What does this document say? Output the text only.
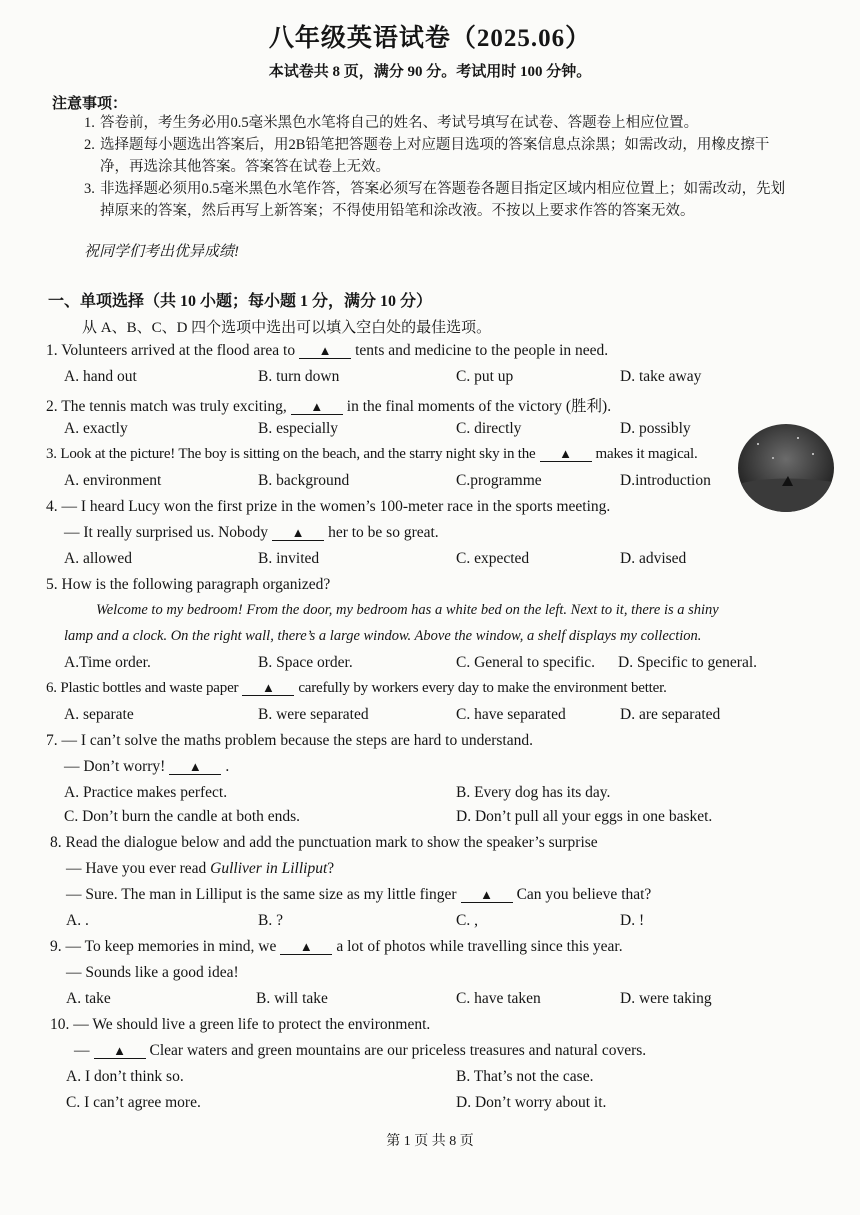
八年级英语试卷（2025.06）
本试卷共 8 页，满分 90 分。考试用时 100 分钟。
注意事项：
1. 答卷前，考生务必用0.5毫米黑色水笔将自己的姓名、考试号填写在试卷、答题卷上相应位置。
2. 选择题每小题选出答案后，用2B铅笔把答题卷上对应题目选项的答案信息点涂黑；如需改动，用橡皮擦干净，再选涂其他答案。答案答在试卷上无效。
3. 非选择题必须用0.5毫米黑色水笔作答，答案必须写在答题卷各题目指定区域内相应位置上；如需改动，先划掉原来的答案，然后再写上新答案；不得使用铅笔和涂改液。不按以上要求作答的答案无效。
祝同学们考出优异成绩!
一、单项选择（共 10 小题；每小题 1 分，满分 10 分）
从 A、B、C、D 四个选项中选出可以填入空白处的最佳选项。
1. Volunteers arrived at the flood area to ▲ tents and medicine to the people in need.
A. hand out	B. turn down	C. put up	D. take away
2. The tennis match was truly exciting, ▲ in the final moments of the victory (胜利).
A. exactly	B. especially	C. directly	D. possibly
3. Look at the picture! The boy is sitting on the beach, and the starry night sky in the ▲ makes it magical.
A. environment	B. background	C.programme	D.introduction
4. — I heard Lucy won the first prize in the women’s 100-meter race in the sports meeting.
— It really surprised us. Nobody ▲ her to be so great.
A. allowed	B. invited	C. expected	D. advised
5. How is the following paragraph organized?
Welcome to my bedroom! From the door, my bedroom has a white bed on the left. Next to it, there is a shiny
lamp and a clock. On the right wall, there’s a large window. Above the window, a shelf displays my collection.
A.Time order.	B. Space order.	C. General to specific. D. Specific to general.
6. Plastic bottles and waste paper ▲ carefully by workers every day to make the environment better.
A. separate	B. were separated	C. have separated	D. are separated
7. — I can’t solve the maths problem because the steps are hard to understand.
— Don’t worry! ▲ .
A. Practice makes perfect.	B. Every dog has its day.
C. Don’t burn the candle at both ends.	D. Don’t pull all your eggs in one basket.
8. Read the dialogue below and add the punctuation mark to show the speaker’s surprise
— Have you ever read Gulliver in Lilliput?
— Sure. The man in Lilliput is the same size as my little finger ▲ Can you believe that?
A. .	B. ?	C. ,	D. !
9. — To keep memories in mind, we ▲ a lot of photos while travelling since this year.
— Sounds like a good idea!
A. take	B. will take	C. have taken	D. were taking
10. — We should live a green life to protect the environment.
— ▲ Clear waters and green mountains are our priceless treasures and natural covers.
A. I don’t think so.	B. That’s not the case.
C. I can’t agree more.	D. Don’t worry about it.
第 1 页 共 8 页
